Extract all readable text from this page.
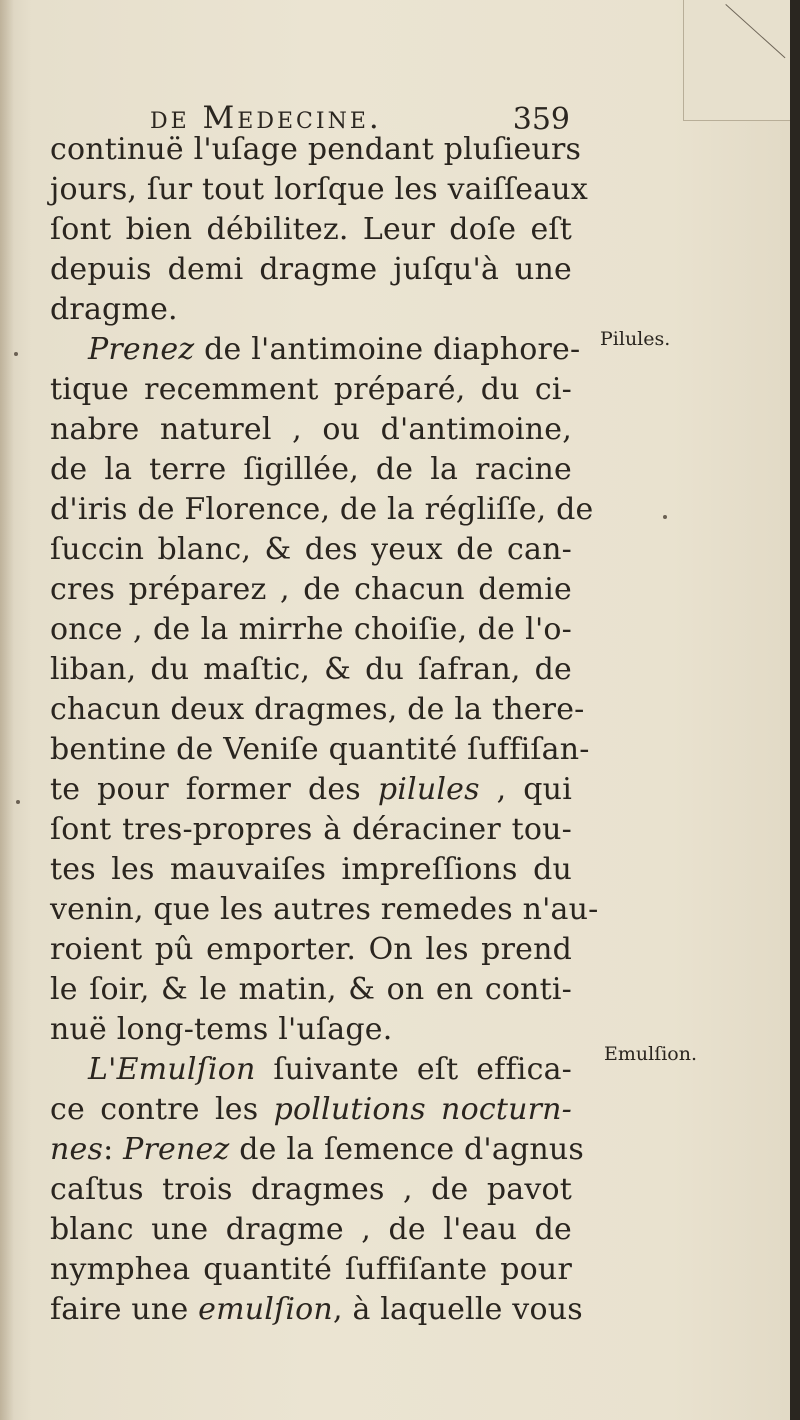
de Medecine.	359
continuë l'uſage pendant pluſieurs
jours, ſur tout lorſque les vaiſſeaux
ſont bien débilitez. Leur doſe eſt
depuis demi dragme juſqu'à une
dragme.
Prenez de l'antimoine diaphore-
tique recemment préparé, du ci-
nabre naturel , ou d'antimoine,
de la terre ſigillée, de la racine
d'iris de Florence, de la régliſſe, de
ſuccin blanc, & des yeux de can-
cres préparez , de chacun demie
once , de la mirrhe choiſie, de l'o-
liban, du maſtic, & du ſafran, de
chacun deux dragmes, de la there-
bentine de Veniſe quantité ſuffiſan-
te pour former des pilules , qui
ſont tres-propres à déraciner tou-
tes les mauvaiſes impreſſions du
venin, que les autres remedes n'au-
roient pû emporter. On les prend
le ſoir, & le matin, & on en conti-
nuë long-tems l'uſage.
L'Emulſion ſuivante eſt effica-
ce contre les pollutions nocturn-
nes: Prenez de la ſemence d'agnus
caſtus trois dragmes , de pavot
blanc une dragme , de l'eau de
nymphea quantité ſuffiſante pour
faire une emulſion, à laquelle vous
Pilules.
Emulſion.
